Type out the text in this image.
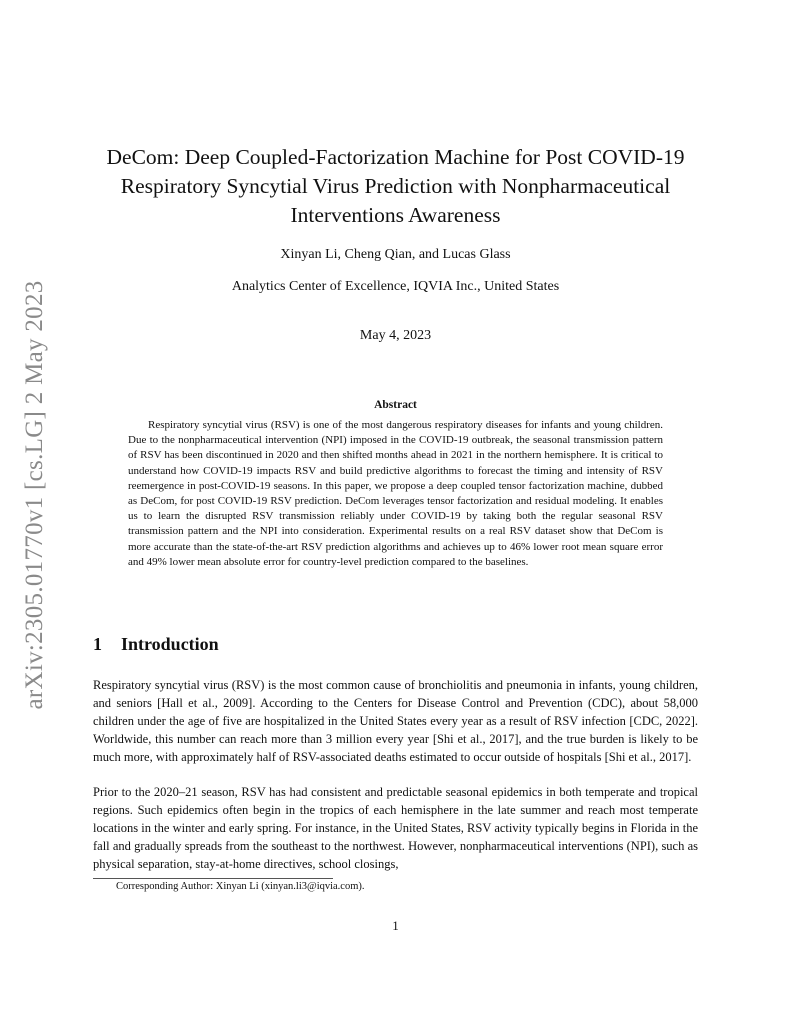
arXiv:2305.01770v1 [cs.LG] 2 May 2023
DeCom: Deep Coupled-Factorization Machine for Post COVID-19 Respiratory Syncytial Virus Prediction with Nonpharmaceutical Interventions Awareness
Xinyan Li, Cheng Qian, and Lucas Glass
Analytics Center of Excellence, IQVIA Inc., United States
May 4, 2023
Abstract

Respiratory syncytial virus (RSV) is one of the most dangerous respiratory diseases for infants and young children. Due to the nonpharmaceutical intervention (NPI) imposed in the COVID-19 outbreak, the seasonal transmission pattern of RSV has been discontinued in 2020 and then shifted months ahead in 2021 in the northern hemisphere. It is critical to understand how COVID-19 impacts RSV and build predictive algorithms to forecast the timing and intensity of RSV reemergence in post-COVID-19 seasons. In this paper, we propose a deep coupled tensor factorization machine, dubbed as DeCom, for post COVID-19 RSV prediction. DeCom leverages tensor factorization and residual modeling. It enables us to learn the disrupted RSV transmission reliably under COVID-19 by taking both the regular seasonal RSV transmission pattern and the NPI into consideration. Experimental results on a real RSV dataset show that DeCom is more accurate than the state-of-the-art RSV prediction algorithms and achieves up to 46% lower root mean square error and 49% lower mean absolute error for country-level prediction compared to the baselines.

1 Introduction

Respiratory syncytial virus (RSV) is the most common cause of bronchiolitis and pneumonia in infants, young children, and seniors [Hall et al., 2009]. According to the Centers for Disease Control and Prevention (CDC), about 58,000 children under the age of five are hospitalized in the United States every year as a result of RSV infection [CDC, 2022]. Worldwide, this number can reach more than 3 million every year [Shi et al., 2017], and the true burden is likely to be much more, with approximately half of RSV-associated deaths estimated to occur outside of hospitals [Shi et al., 2017].

Prior to the 2020–21 season, RSV has had consistent and predictable seasonal epidemics in both temperate and tropical regions. Such epidemics often begin in the tropics of each hemisphere in the late summer and reach most temperate locations in the winter and early spring. For instance, in the United States, RSV activity typically begins in Florida in the fall and gradually spreads from the southeast to the northwest. However, nonpharmaceutical interventions (NPI), such as physical separation, stay-at-home directives, school closings,

Corresponding Author: Xinyan Li (xinyan.li3@iqvia.com).
1
